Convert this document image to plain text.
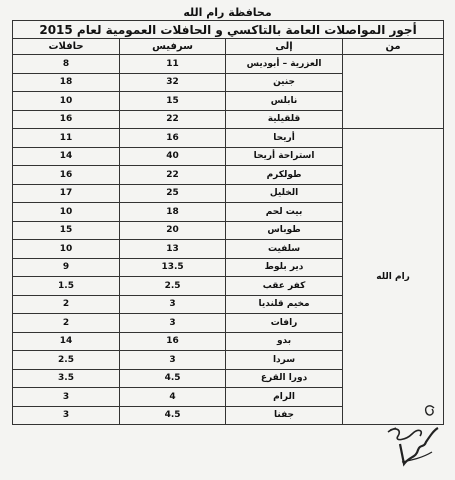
محافظة رام الله
أجور المواصلات العامة بالتاكسي و الحافلات العمومية لعام 2015			
من	إلى	سرفيس	حافلات
	العزرية – أبوديس	11	8
	جنين	32	18
	نابلس	15	10
	قلقيلية	22	16
رام الله	أريحا	16	11
	استراحة أريحا	40	14
	طولكرم	22	16
	الخليل	25	17
	بيت لحم	18	10
	طوباس	20	15
	سلفيت	13	10
	دير بلوط	13.5	9
	كفر عقب	2.5	1.5
	مخيم قلنديا	3	2
	رافات	3	2
	بدو	16	14
	سردا	3	2.5
	دورا القرع	4.5	3.5
	الرام	4	3
	جفنا	4.5	3
